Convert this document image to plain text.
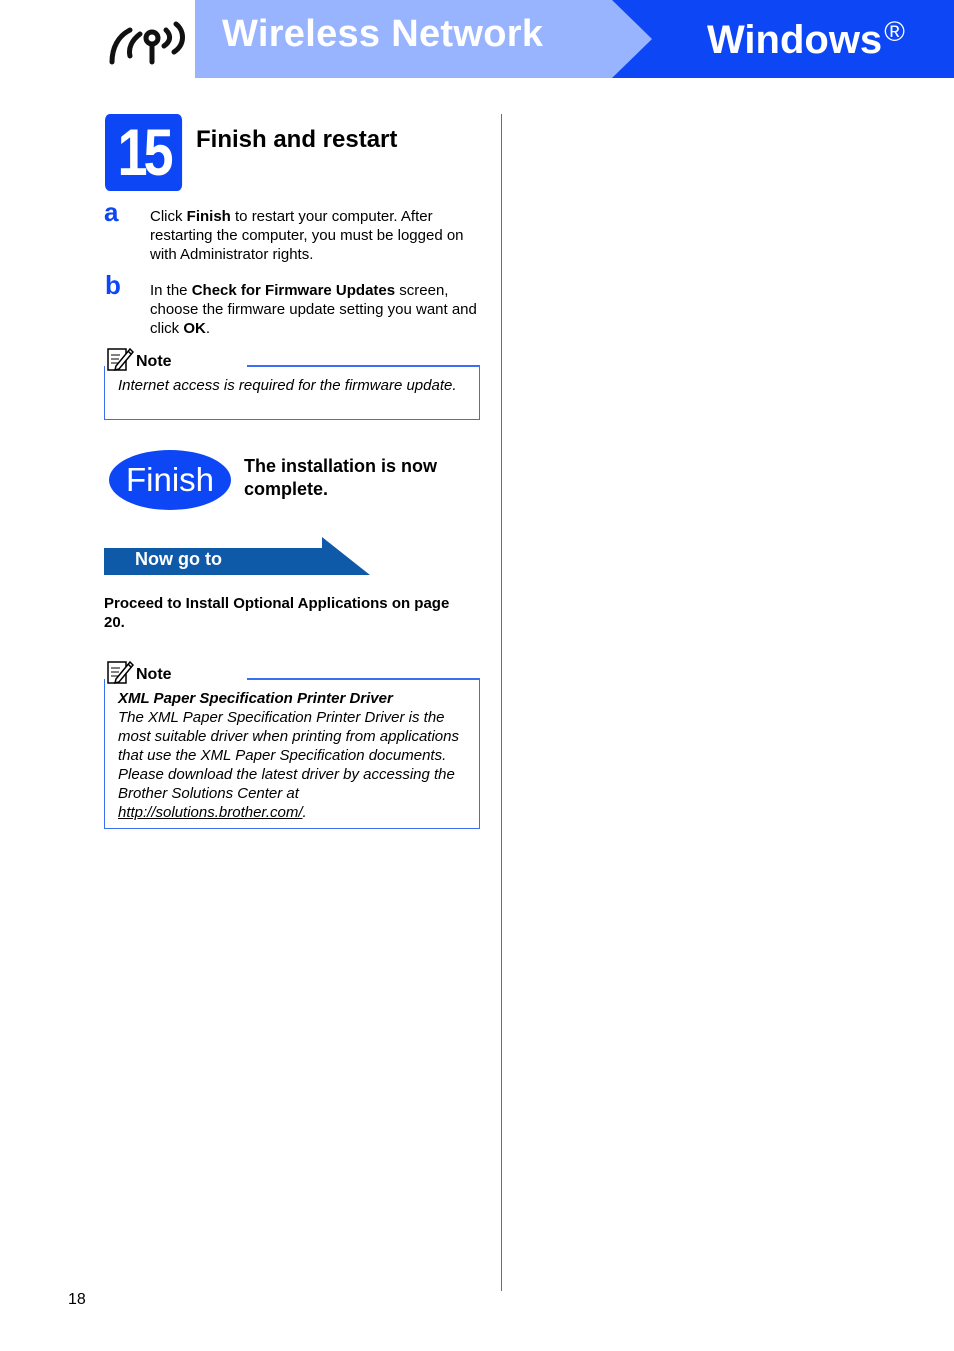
Wireless Network	Windows®
15	Finish and restart
a Click Finish to restart your computer. After restarting the computer, you must be logged on with Administrator rights.
b In the Check for Firmware Updates screen, choose the firmware update setting you want and click OK.
Note
Internet access is required for the firmware update.
Finish	The installation is now complete.
Now go to
Proceed to Install Optional Applications on page 20.
Note
XML Paper Specification Printer Driver
The XML Paper Specification Printer Driver is the most suitable driver when printing from applications that use the XML Paper Specification documents. Please download the latest driver by accessing the Brother Solutions Center at http://solutions.brother.com/.
18
